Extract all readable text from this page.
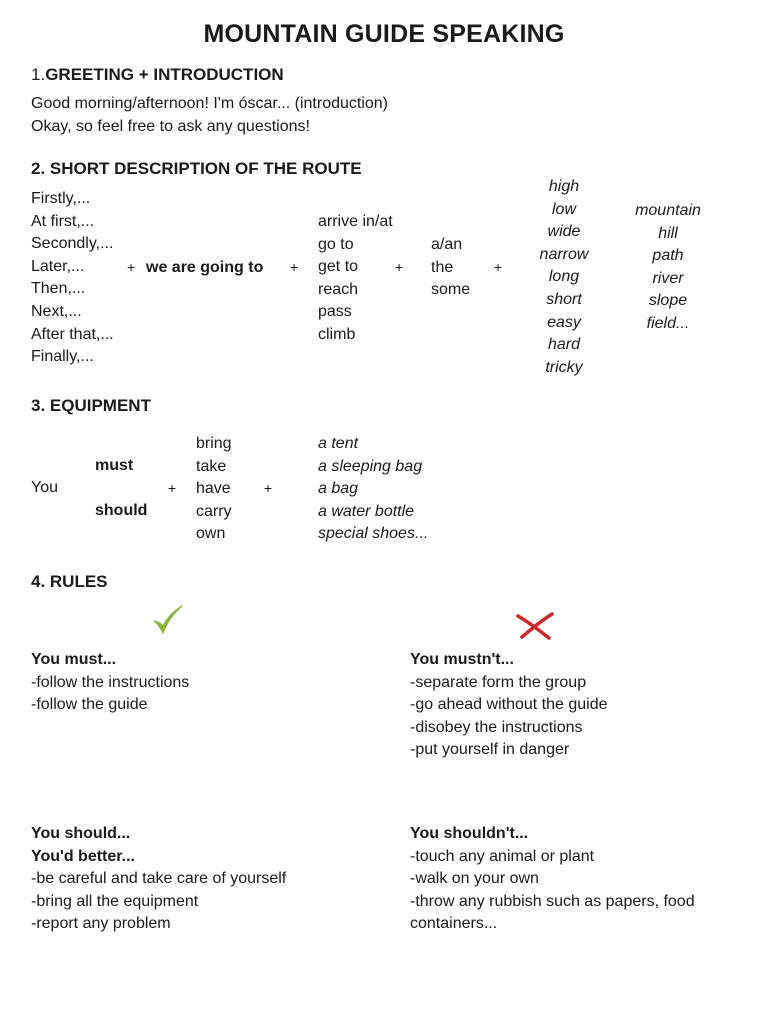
MOUNTAIN GUIDE SPEAKING
1.GREETING + INTRODUCTION
Good morning/afternoon! I'm óscar... (introduction)
Okay, so feel free to ask any questions!
2. SHORT DESCRIPTION OF THE ROUTE
Firstly,...
At first,...
Secondly,...
Later,...
Then,...
Next,...
After that,...
Finally,...
+ we are going to +
arrive in/at
go to
get to
reach
pass
climb
+
a/an
the
some
+
high
low
wide
narrow
long
short
easy
hard
tricky
mountain
hill
path
river
slope
field...
3. EQUIPMENT
You
must
should
+
bring
take
have
carry
own
+
a tent
a sleeping bag
a bag
a water bottle
special shoes...
4. RULES
You must...
-follow the instructions
-follow the guide
You mustn't...
-separate form the group
-go ahead without the guide
-disobey the instructions
-put yourself in danger
You should...
You'd better...
-be careful and take care of yourself
-bring all the equipment
-report any problem
You shouldn't...
-touch any animal or plant
-walk on your own
-throw any rubbish such as papers, food
containers...
